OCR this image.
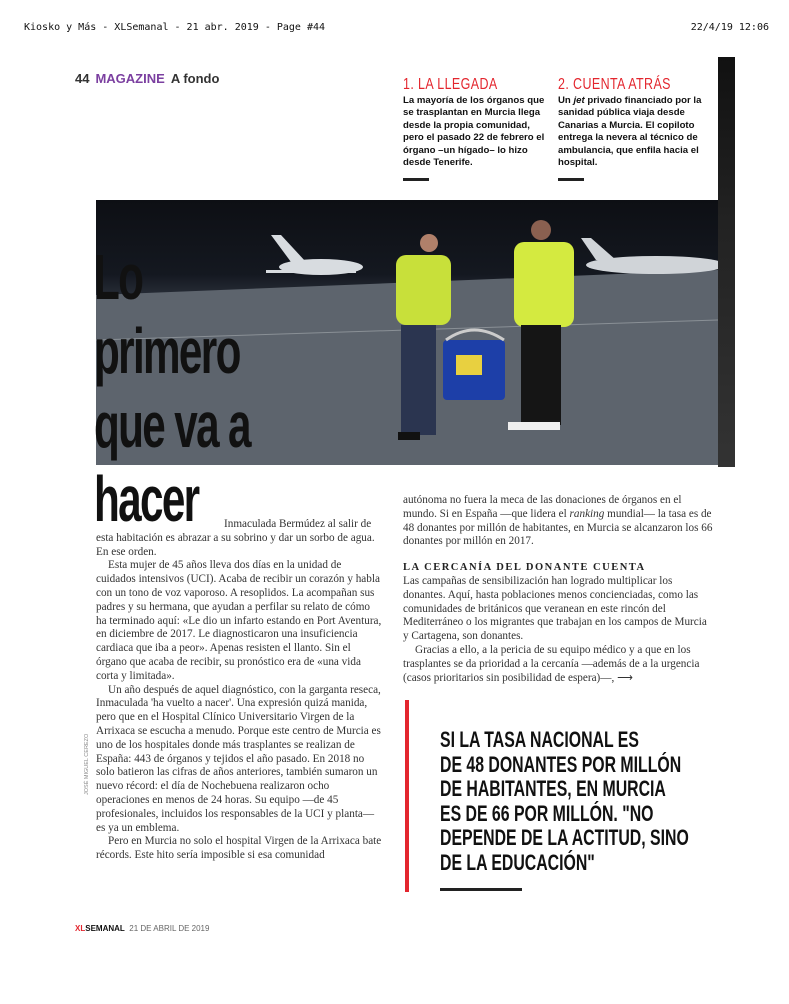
Kiosko y Más - XLSemanal - 21 abr. 2019 - Page #44	22/4/19 12:06
44 MAGAZINE A fondo	1. LA LLEGADA

La mayoría de los órganos que se trasplantan en Murcia llega desde la propia comunidad, pero el pasado 22 de febrero el órgano –un hígado– lo hizo desde Tenerife.

2. CUENTA ATRÁS

Un jet privado financiado por la sanidad pública viaja desde Canarias a Murcia. El copiloto entrega la nevera al técnico de ambulancia, que enfila hacia el hospital.

Lo
primero
que va a
hacer	Inmaculada Bermúdez al salir de esta habitación es abrazar a su sobrino y dar un sorbo de agua. En ese orden.

Esta mujer de 45 años lleva dos días en la unidad de cuidados intensivos (UCI). Acaba de recibir un corazón y habla con un tono de voz vaporoso. A resoplidos. La acompañan sus padres y su hermana, que ayudan a perfilar su relato de cómo ha terminado aquí: «Le dio un infarto estando en Port Aventura, en diciembre de 2017. Le diagnosticaron una insuficiencia cardiaca que iba a peor». Apenas resisten el llanto. Sin el órgano que acaba de recibir, su pronóstico era de «una vida corta y limitada».

Un año después de aquel diagnóstico, con la garganta reseca, Inmaculada 'ha vuelto a nacer'. Una expresión quizá manida, pero que en el Hospital Clínico Universitario Virgen de la Arrixaca se escucha a menudo. Porque este centro de Murcia es uno de los hospitales donde más trasplantes se realizan de España: 443 de órganos y tejidos el año pasado. En 2018 no solo batieron las cifras de años anteriores, también sumaron un nuevo récord: el día de Nochebuena realizaron ocho operaciones en menos de 24 horas. Su equipo —de 45 profesionales, incluidos los responsables de la UCI y planta— es ya un emblema.

Pero en Murcia no solo el hospital Virgen de la Arrixaca bate récords. Este hito sería imposible si esa comunidad

JOSÉ MIGUEL CEREZO

autónoma no fuera la meca de las donaciones de órganos en el mundo. Si en España —que lidera el ranking mundial— la tasa es de 48 donantes por millón de habitantes, en Murcia se alcanzaron los 66 donantes por millón en 2017.

LA CERCANÍA DEL DONANTE CUENTA

Las campañas de sensibilización han logrado multiplicar los donantes. Aquí, hasta poblaciones menos concienciadas, como las comunidades de británicos que veranean en este rincón del Mediterráneo o los migrantes que trabajan en los campos de Murcia y Cartagena, son donantes.

Gracias a ello, a la pericia de su equipo médico y a que en los trasplantes se da prioridad a la cercanía —además de a la urgencia (casos prioritarios sin posibilidad de espera)—, ⟶

SI LA TASA NACIONAL ES
DE 48 DONANTES POR MILLÓN
DE HABITANTES, EN MURCIA
ES DE 66 POR MILLÓN. "NO
DEPENDE DE LA ACTITUD, SINO
DE LA EDUCACIÓN"
XLSEMANAL 21 DE ABRIL DE 2019
